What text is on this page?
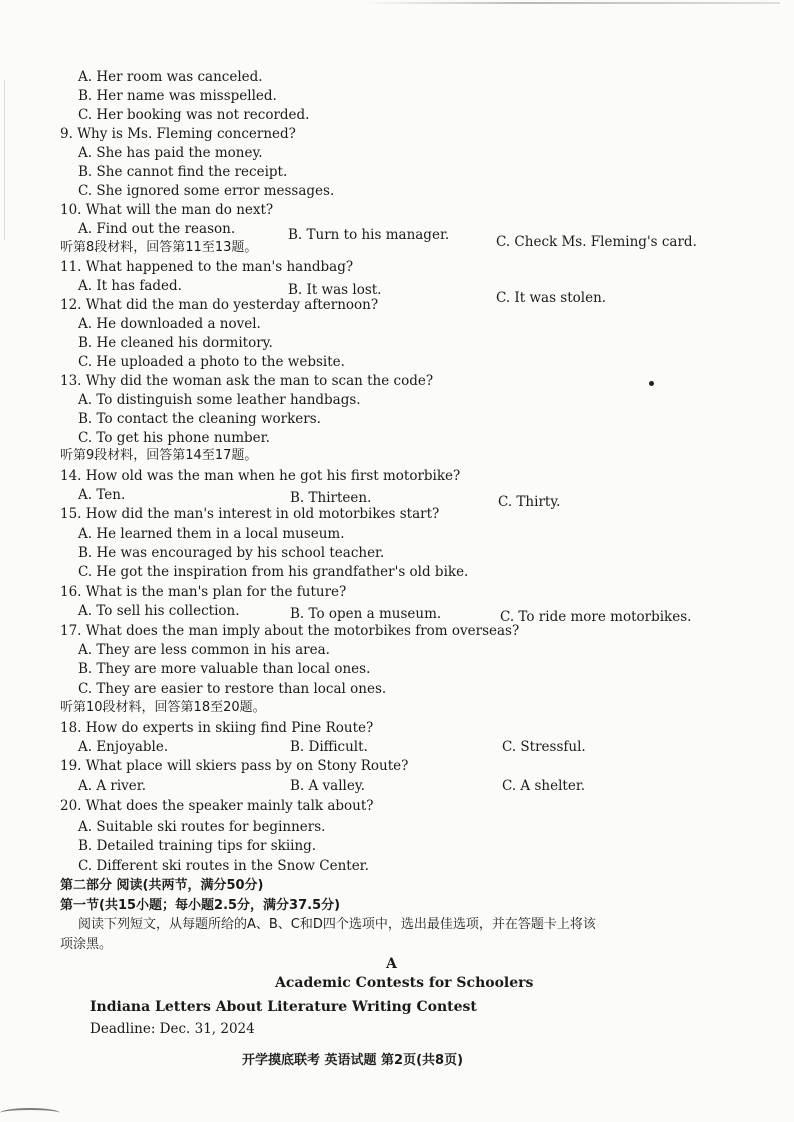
A. Her room was canceled.
B. Her name was misspelled.
C. Her booking was not recorded.
9. Why is Ms. Fleming concerned?
A. She has paid the money.
B. She cannot find the receipt.
C. She ignored some error messages.
10. What will the man do next?
A. Find out the reason.	B. Turn to his manager.	C. Check Ms. Fleming's card.
听第8段材料，回答第11至13题。
11. What happened to the man's handbag?
A. It has faded.	B. It was lost.	C. It was stolen.
12. What did the man do yesterday afternoon?
A. He downloaded a novel.
B. He cleaned his dormitory.
C. He uploaded a photo to the website.
13. Why did the woman ask the man to scan the code?
A. To distinguish some leather handbags.
B. To contact the cleaning workers.
C. To get his phone number.
听第9段材料，回答第14至17题。
14. How old was the man when he got his first motorbike?
A. Ten.	B. Thirteen.	C. Thirty.
15. How did the man's interest in old motorbikes start?
A. He learned them in a local museum.
B. He was encouraged by his school teacher.
C. He got the inspiration from his grandfather's old bike.
16. What is the man's plan for the future?
A. To sell his collection.	B. To open a museum.	C. To ride more motorbikes.
17. What does the man imply about the motorbikes from overseas?
A. They are less common in his area.
B. They are more valuable than local ones.
C. They are easier to restore than local ones.
听第10段材料，回答第18至20题。
18. How do experts in skiing find Pine Route?
A. Enjoyable.	B. Difficult.	C. Stressful.
19. What place will skiers pass by on Stony Route?
A. A river.	B. A valley.	C. A shelter.
20. What does the speaker mainly talk about?
A. Suitable ski routes for beginners.
B. Detailed training tips for skiing.
C. Different ski routes in the Snow Center.
第二部分 阅读(共两节，满分50分)
第一节(共15小题；每小题2.5分，满分37.5分)
阅读下列短文，从每题所给的A、B、C和D四个选项中，选出最佳选项，并在答题卡上将该
项涂黑。
A
Academic Contests for Schoolers
Indiana Letters About Literature Writing Contest
Deadline: Dec. 31, 2024
开学摸底联考 英语试题 第2页(共8页)
